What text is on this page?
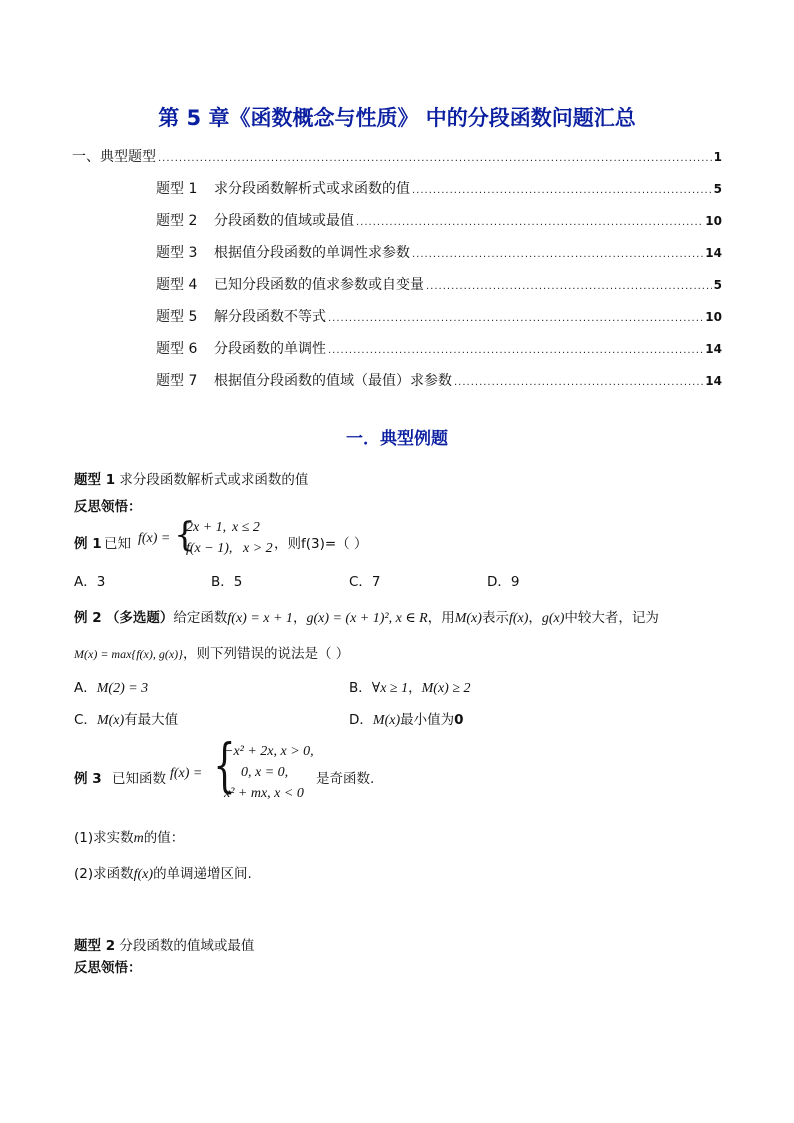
第 5 章《函数概念与性质》 中的分段函数问题汇总
一、典型题型 .....	1
题型 1 求分段函数解析式或求函数的值 .....	5
题型 2 分段函数的值域或最值 .....	10
题型 3 根据值分段函数的单调性求参数 .....	14
题型 4 已知分段函数的值求参数或自变量 .....	5
题型 5 解分段函数不等式 .....	10
题型 6 分段函数的单调性 .....	14
题型 7 根据值分段函数的值域（最值）求参数 .....	14
一．典型例题
题型 1 求分段函数解析式或求函数的值
反思领悟：
例 1 已知 f(x) = {
2x + 1, x ≤ 2
f(x − 1), x > 2 ，则f(3)=（ ）
A．3	B．5	C．7	D．9
例 2 （多选题）给定函数f(x) = x + 1，g(x) = (x + 1)², x ∈ R，用M(x)表示f(x)，g(x)中较大者，记为
M(x) = max{f(x), g(x)}，则下列错误的说法是（ ）
A．M(2) = 3	B．∀x ≥ 1，M(x) ≥ 2
C．M(x)有最大值	D．M(x)最小值为0
例 3 已知函数 f(x) = {
−x² + 2x, x > 0,
0, x = 0,
x² + mx, x < 0
是奇函数.
(1)求实数m的值：
(2)求函数f(x)的单调递增区间.
题型 2 分段函数的值域或最值
反思领悟：
